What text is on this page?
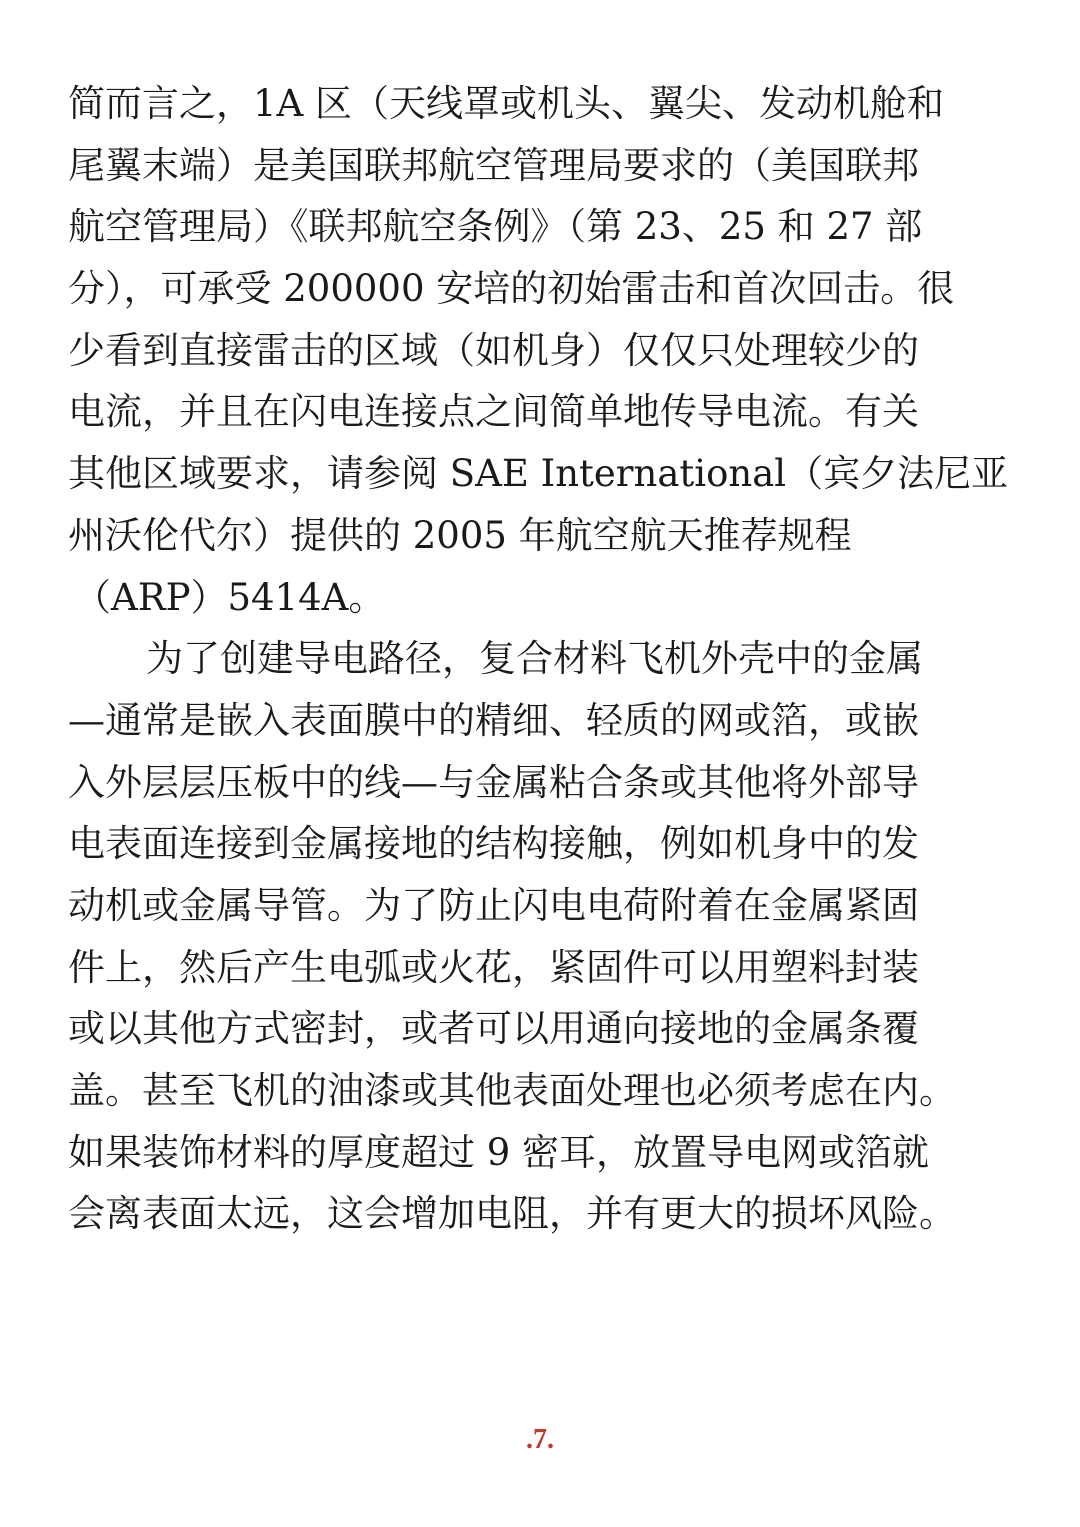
简而言之，1A 区（天线罩或机头、翼尖、发动机舱和
尾翼末端）是美国联邦航空管理局要求的（美国联邦
航空管理局）《联邦航空条例》（第 23、25 和 27 部
分），可承受 200000 安培的初始雷击和首次回击。很
少看到直接雷击的区域（如机身）仅仅只处理较少的
电流，并且在闪电连接点之间简单地传导电流。有关
其他区域要求，请参阅 SAE International（宾夕法尼亚
州沃伦代尔）提供的 2005 年航空航天推荐规程
（ARP）5414A。
为了创建导电路径，复合材料飞机外壳中的金属
—通常是嵌入表面膜中的精细、轻质的网或箔，或嵌
入外层层压板中的线—与金属粘合条或其他将外部导
电表面连接到金属接地的结构接触，例如机身中的发
动机或金属导管。为了防止闪电电荷附着在金属紧固
件上，然后产生电弧或火花，紧固件可以用塑料封装
或以其他方式密封，或者可以用通向接地的金属条覆
盖。甚至飞机的油漆或其他表面处理也必须考虑在内。
如果装饰材料的厚度超过 9 密耳，放置导电网或箔就
会离表面太远，这会增加电阻，并有更大的损坏风险。
.7.
